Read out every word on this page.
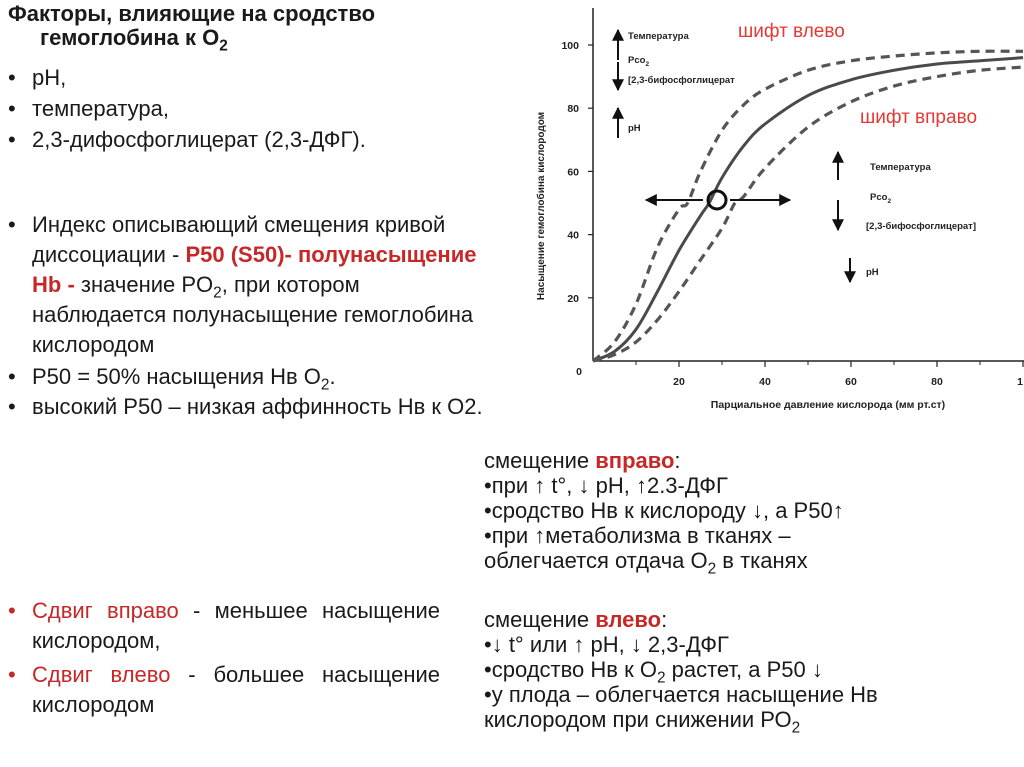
Факторы, влияющие на сродство

гемоглобина к $О_2$
• рН,
• температура,
• 2,3-дифосфоглицерат (2,3-ДФГ).
• Индекс описывающий смещения кривой диссоциации - Р50 (S50)- полунасыщение Hb - значение $PO_2$, при котором наблюдается полунасыщение гемоглобина кислородом
• Р50 = 50% насыщения Нв $О_2$.
• высокий Р50 – низкая аффинность Нв к О2.
• Сдвиг вправо - меньшее насыщение кислородом,
• Сдвиг влево - большее насыщение кислородом
смещение вправо:
•при ↑ t°, ↓ рН, ↑2.3-ДФГ
•сродство Нв к кислороду ↓, а Р50↑
•при ↑метаболизма в тканях –
облегчается отдача $О_2$ в тканях
смещение влево:
•↓ t° или ↑ рН, ↓ 2,3-ДФГ
•сродство Нв к $О_2$ растет, а Р50 ↓
•у плода – облегчается насыщение Нв
кислородом при снижении $РО_2$
20
40
60
80
100
0
20	40	60	80	1
Насыщение гемоглобина кислородом
Парциальное давление кислорода (мм рт.ст)
Температура
Pco$_2$
[2,3-бифосфоглицерат
pH
Температура
Pco$_2$
[2,3-бифосфоглицерат]
pH
шифт влево
шифт вправо
